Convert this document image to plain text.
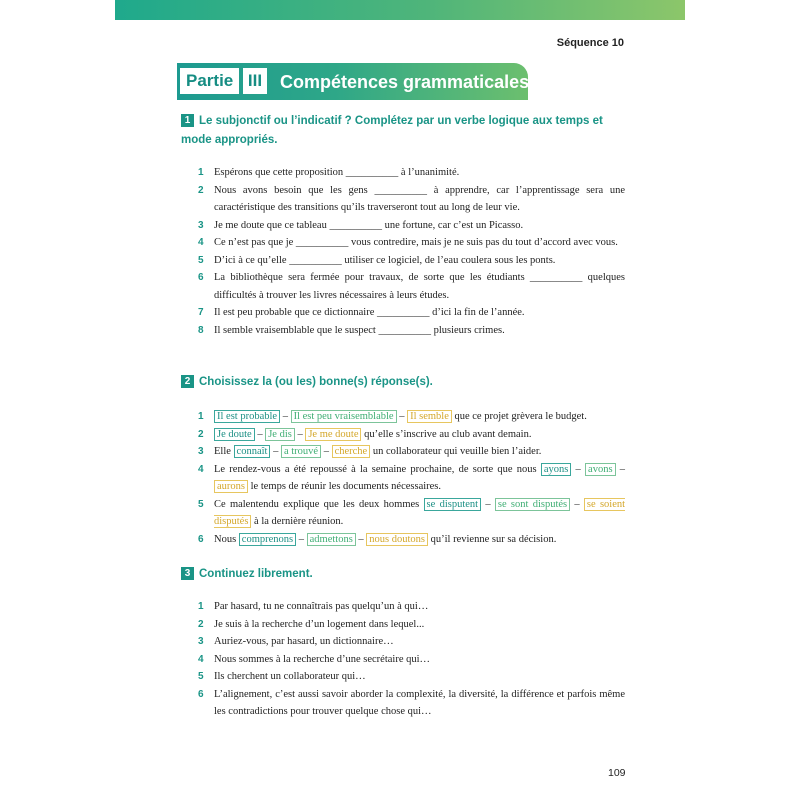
Séquence 10
Partie III Compétences grammaticales
1 Le subjonctif ou l’indicatif ? Complétez par un verbe logique aux temps et mode appropriés.

1 Espérons que cette proposition __________ à l’unanimité.

2 Nous avons besoin que les gens __________ à apprendre, car l’apprentissage sera une caractéristique des transitions qu’ils traverseront tout au long de leur vie.

3 Je me doute que ce tableau __________ une fortune, car c’est un Picasso.

4 Ce n’est pas que je __________ vous contredire, mais je ne suis pas du tout d’accord avec vous.

5 D’ici à ce qu’elle __________ utiliser ce logiciel, de l’eau coulera sous les ponts.

6 La bibliothèque sera fermée pour travaux, de sorte que les étudiants __________ quelques difficultés à trouver les livres nécessaires à leurs études.

7 Il est peu probable que ce dictionnaire __________ d’ici la fin de l’année.

8 Il semble vraisemblable que le suspect __________ plusieurs crimes.

2 Choisissez la (ou les) bonne(s) réponse(s).

1 Il est probable – Il est peu vraisemblable – Il semble que ce projet grèvera le budget.

2 Je doute – Je dis – Je me doute qu’elle s’inscrive au club avant demain.

3 Elle connaît – a trouvé – cherche un collaborateur qui veuille bien l’aider.

4 Le rendez-vous a été repoussé à la semaine prochaine, de sorte que nous ayons – avons – aurons le temps de réunir les documents nécessaires.

5 Ce malentendu explique que les deux hommes se disputent – se sont disputés – se soient disputés à la dernière réunion.

6 Nous comprenons – admettons – nous doutons qu’il revienne sur sa décision.

3 Continuez librement.

1 Par hasard, tu ne connaîtrais pas quelqu’un à qui…

2 Je suis à la recherche d’un logement dans lequel...

3 Auriez-vous, par hasard, un dictionnaire…

4 Nous sommes à la recherche d’une secrétaire qui…

5 Ils cherchent un collaborateur qui…

6 L’alignement, c’est aussi savoir aborder la complexité, la diversité, la différence et parfois même les contradictions pour trouver quelque chose qui…

109
